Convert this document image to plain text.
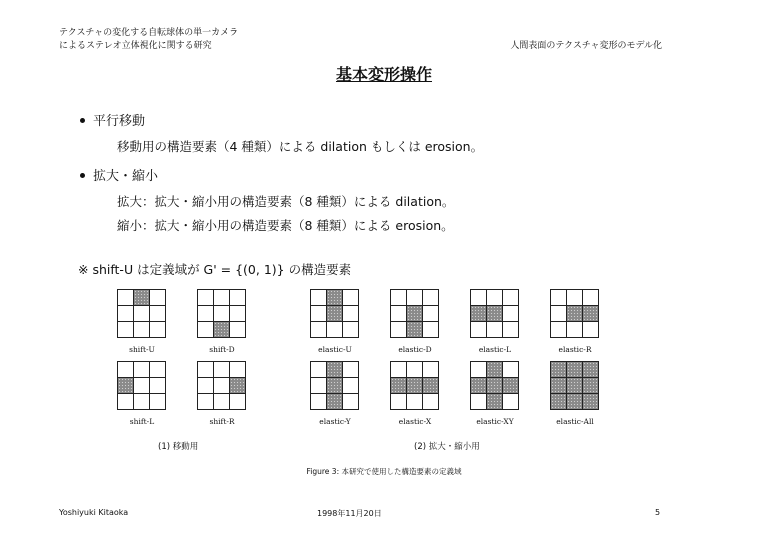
テクスチャの変化する自転球体の単一カメラ
によるステレオ立体視化に関する研究	人間表面のテクスチャ変形のモデル化
基本変形操作
平行移動
移動用の構造要素（4 種類）による dilation もしくは erosion。
拡大・縮小
拡大：拡大・縮小用の構造要素（8 種類）による dilation。
縮小：拡大・縮小用の構造要素（8 種類）による erosion。
※ shift-U は定義域が G' = {(0, 1)} の構造要素
shift-U	shift-D	elastic-U	elastic-D	elastic-L	elastic-R
shift-L	shift-R	elastic-Y	elastic-X	elastic-XY	elastic-All
(1) 移動用	(2) 拡大・縮小用
Figure 3: 本研究で使用した構造要素の定義域
Yoshiyuki Kitaoka	1998年11月20日	5
